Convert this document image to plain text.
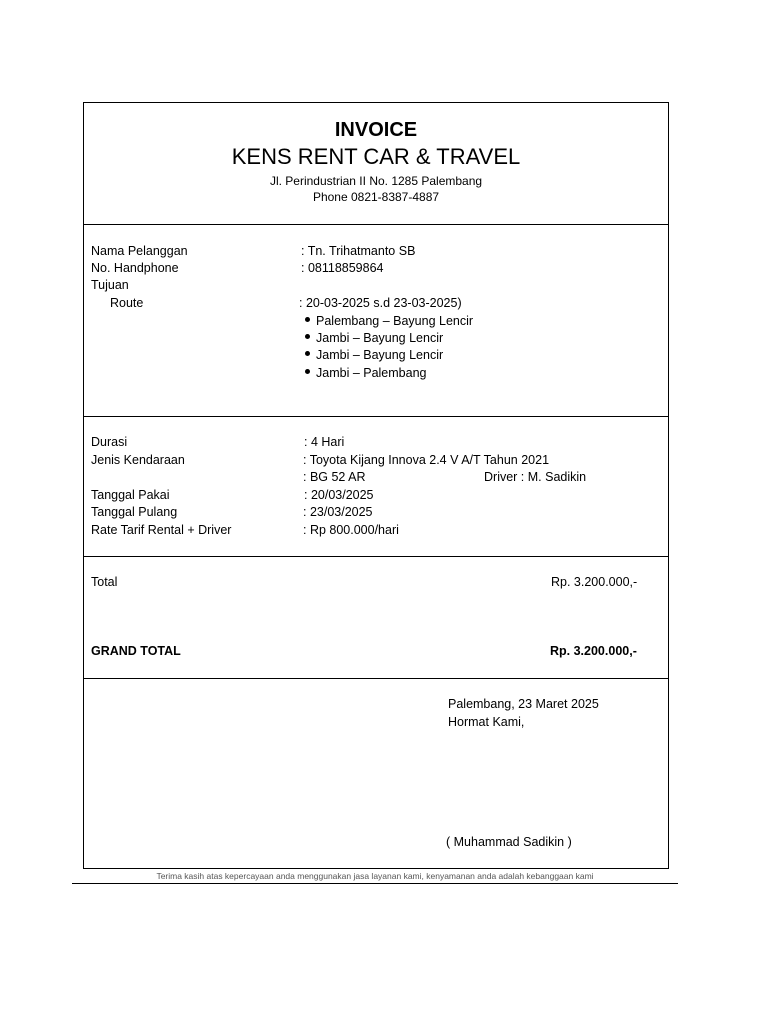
INVOICE
KENS RENT CAR & TRAVEL
Jl. Perindustrian II No. 1285 Palembang
Phone 0821-8387-4887
Nama Pelanggan	: Tn. Trihatmanto SB
No. Handphone	: 08118859864
Tujuan
Route	: 20-03-2025 s.d 23-03-2025)
Palembang – Bayung Lencir
Jambi – Bayung Lencir
Jambi – Bayung Lencir
Jambi – Palembang
Durasi	: 4 Hari
Jenis Kendaraan	: Toyota Kijang Innova 2.4 V A/T Tahun 2021
: BG 52 AR	Driver : M. Sadikin
Tanggal Pakai	: 20/03/2025
Tanggal Pulang	: 23/03/2025
Rate Tarif Rental + Driver	: Rp 800.000/hari
Total	Rp. 3.200.000,-
GRAND TOTAL	Rp. 3.200.000,-
Palembang, 23 Maret 2025
Hormat Kami,
( Muhammad Sadikin )
Terima kasih atas kepercayaan anda menggunakan jasa layanan kami, kenyamanan anda adalah kebanggaan kami
